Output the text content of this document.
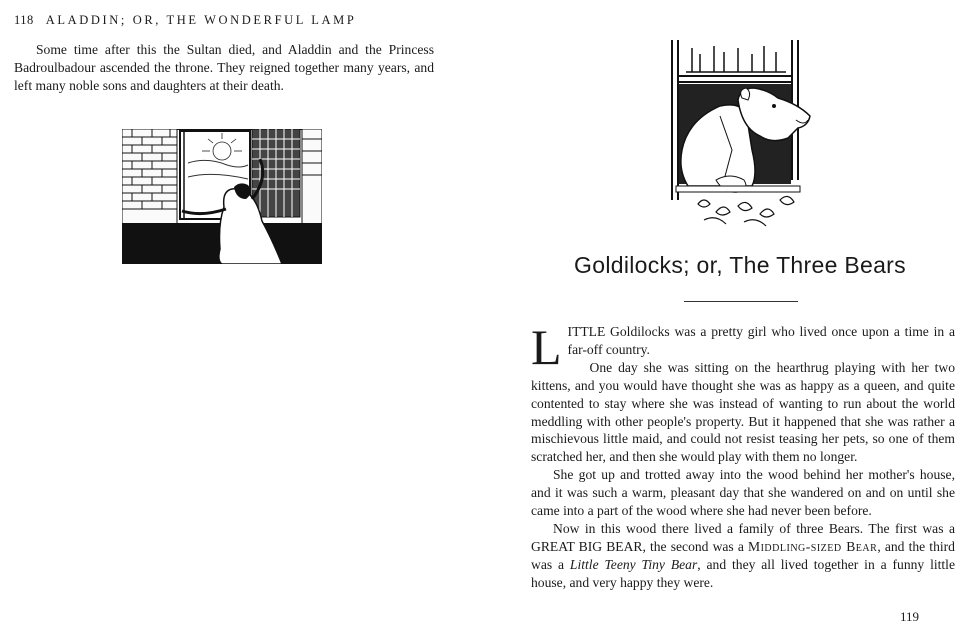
118 ALADDIN; OR, THE WONDERFUL LAMP

Some time after this the Sultan died, and Aladdin and the Princess Badroulbadour ascended the throne. They reigned together many years, and left many noble sons and daughters at their death.

Goldilocks; or, The Three Bears

LITTLE Goldilocks was a pretty girl who lived once upon a time in a far-off country.

One day she was sitting on the hearthrug playing with her two kittens, and you would have thought she was as happy as a queen, and quite contented to stay where she was instead of wanting to run about the world meddling with other people's property. But it happened that she was rather a mischievous little maid, and could not resist teasing her pets, so one of them scratched her, and then she would play with them no longer.

She got up and trotted away into the wood behind her mother's house, and it was such a warm, pleasant day that she wandered on and on until she came into a part of the wood where she had never been before.

Now in this wood there lived a family of three Bears. The first was a GREAT BIG BEAR, the second was a Middling-sized Bear, and the third was a Little Teeny Tiny Bear, and they all lived together in a funny little house, and very happy they were.

119
